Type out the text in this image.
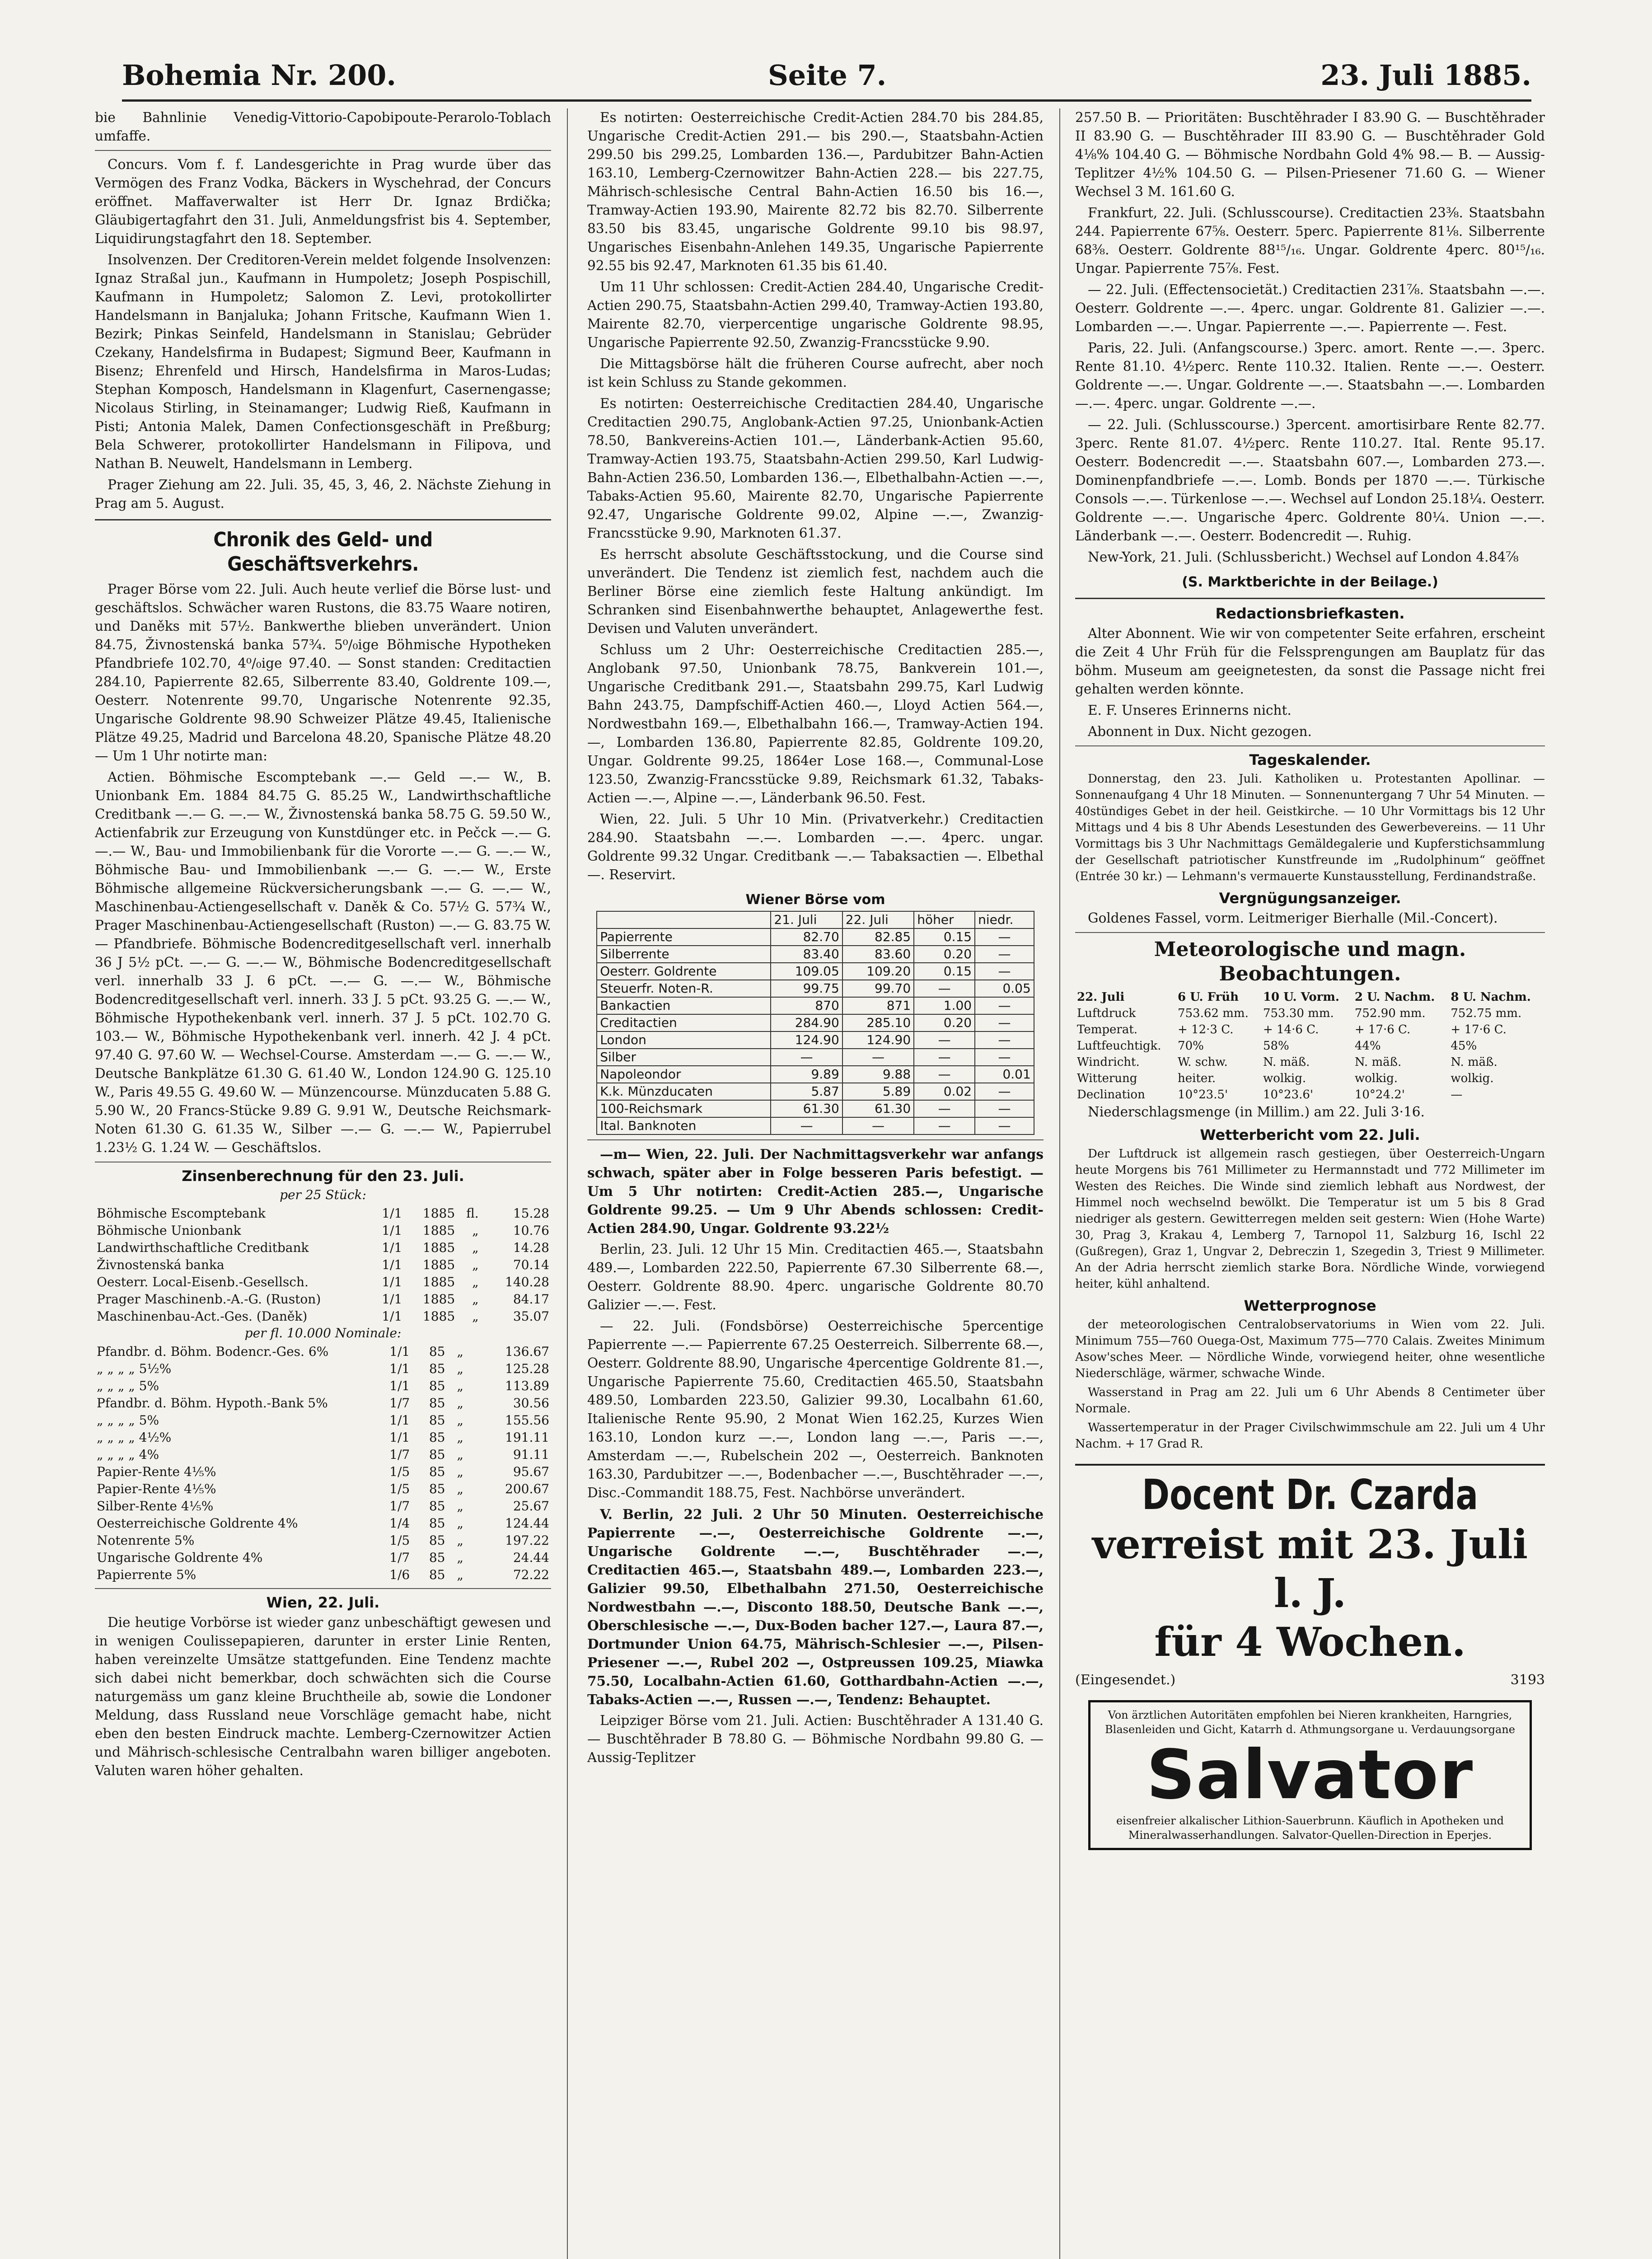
Bohemia Nr. 200.	Seite 7.	23. Juli 1885.

bie Bahnlinie Venedig-Vittorio-Capobipoute-Perarolo-Toblach umfaffe.

Concurs. Vom f. f. Landesgerichte in Prag wurde über das Vermögen des Franz Vodka, Bäckers in Wyschehrad, der Concurs eröffnet. Maffaverwalter ist Herr Dr. Ignaz Brdička; Gläubigertagfahrt den 31. Juli, Anmeldungsfrist bis 4. September, Liquidirungstagfahrt den 18. September.

Insolvenzen. Der Creditoren-Verein meldet folgende Insolvenzen: Ignaz Straßal jun., Kaufmann in Humpoletz; Joseph Pospischill, Kaufmann in Humpoletz; Salomon Z. Levi, protokollirter Handelsmann in Banjaluka; Johann Fritsche, Kaufmann Wien 1. Bezirk; Pinkas Seinfeld, Handelsmann in Stanislau; Gebrüder Czekany, Handelsfirma in Budapest; Sigmund Beer, Kaufmann in Bisenz; Ehrenfeld und Hirsch, Handelsfirma in Maros-Ludas; Stephan Komposch, Handelsmann in Klagenfurt, Casernengasse; Nicolaus Stirling, in Steinamanger; Ludwig Rieß, Kaufmann in Pisti; Antonia Malek, Damen Confectionsgeschäft in Preßburg; Bela Schwerer, protokollirter Handelsmann in Filipova, und Nathan B. Neuwelt, Handelsmann in Lemberg.

Prager Ziehung am 22. Juli. 35, 45, 3, 46, 2. Nächste Ziehung in Prag am 5. August.

Chronik des Geld- und Geschäftsverkehrs.

Prager Börse vom 22. Juli. Auch heute verlief die Börse lust- und geschäftslos. Schwächer waren Rustons, die 83.75 Waare notiren, und Daněks mit 57½. Bankwerthe blieben unverändert. Union 84.75, Živnostenská banka 57¾. 5⁰/₀ige Böhmische Hypotheken Pfandbriefe 102.70, 4⁰/₀ige 97.40. — Sonst standen: Creditactien 284.10, Papierrente 82.65, Silberrente 83.40, Goldrente 109.—, Oesterr. Notenrente 99.70, Ungarische Notenrente 92.35, Ungarische Goldrente 98.90 Schweizer Plätze 49.45, Italienische Plätze 49.25, Madrid und Barcelona 48.20, Spanische Plätze 48.20 — Um 1 Uhr notirte man:

Actien. Böhmische Escomptebank —.— Geld —.— W., B. Unionbank Em. 1884 84.75 G. 85.25 W., Landwirthschaftliche Creditbank —.— G. —.— W., Živnostenská banka 58.75 G. 59.50 W., Actienfabrik zur Erzeugung von Kunstdünger etc. in Pečck —.— G. —.— W., Bau- und Immobilienbank für die Vororte —.— G. —.— W., Böhmische Bau- und Immobilienbank —.— G. —.— W., Erste Böhmische allgemeine Rückversicherungsbank —.— G. —.— W., Maschinenbau-Actiengesellschaft v. Daněk & Co. 57½ G. 57¾ W., Prager Maschinenbau-Actiengesellschaft (Ruston) —.— G. 83.75 W. — Pfandbriefe. Böhmische Bodencreditgesellschaft verl. innerhalb 36 J 5½ pCt. —.— G. —.— W., Böhmische Bodencreditgesellschaft verl. innerhalb 33 J. 6 pCt. —.— G. —.— W., Böhmische Bodencreditgesellschaft verl. innerh. 33 J. 5 pCt. 93.25 G. —.— W., Böhmische Hypothekenbank verl. innerh. 37 J. 5 pCt. 102.70 G. 103.— W., Böhmische Hypothekenbank verl. innerh. 42 J. 4 pCt. 97.40 G. 97.60 W. — Wechsel-Course. Amsterdam —.— G. —.— W., Deutsche Bankplätze 61.30 G. 61.40 W., London 124.90 G. 125.10 W., Paris 49.55 G. 49.60 W. — Münzencourse. Münzducaten 5.88 G. 5.90 W., 20 Francs-Stücke 9.89 G. 9.91 W., Deutsche Reichsmark-Noten 61.30 G. 61.35 W., Silber —.— G. —.— W., Papierrubel 1.23½ G. 1.24 W. — Geschäftslos.

Zinsenberechnung für den 23. Juli.
per 25 Stück:
Böhmische Escomptebank	1/1	1885	fl.	15.28
Böhmische Unionbank	1/1	1885	„	10.76
Landwirthschaftliche Creditbank	1/1	1885	„	14.28
Živnostenská banka	1/1	1885	„	70.14
Oesterr. Local-Eisenb.-Gesellsch.	1/1	1885	„	140.28
Prager Maschinenb.-A.-G. (Ruston)	1/1	1885	„	84.17
Maschinenbau-Act.-Ges. (Daněk)	1/1	1885	„	35.07
per fl. 10.000 Nominale:
Pfandbr. d. Böhm. Bodencr.-Ges. 6%	1/1	85	„	136.67
„ „ „ „ 5½%	1/1	85	„	125.28
„ „ „ „ 5%	1/1	85	„	113.89
Pfandbr. d. Böhm. Hypoth.-Bank 5%	1/7	85	„	30.56
„ „ „ „ 5%	1/1	85	„	155.56
„ „ „ „ 4½%	1/1	85	„	191.11
„ „ „ „ 4%	1/7	85	„	91.11
Papier-Rente 4⅕%	1/5	85	„	95.67
Papier-Rente 4⅕%	1/5	85	„	200.67
Silber-Rente 4⅕%	1/7	85	„	25.67
Oesterreichische Goldrente 4%	1/4	85	„	124.44
Notenrente 5%	1/5	85	„	197.22
Ungarische Goldrente 4%	1/7	85	„	24.44
Papierrente 5%	1/6	85	„	72.22
Wien, 22. Juli.

Die heutige Vorbörse ist wieder ganz unbeschäftigt gewesen und in wenigen Coulissepapieren, darunter in erster Linie Renten, haben vereinzelte Umsätze stattgefunden. Eine Tendenz machte sich dabei nicht bemerkbar, doch schwächten sich die Course naturgemäss um ganz kleine Bruchtheile ab, sowie die Londoner Meldung, dass Russland neue Vorschläge gemacht habe, nicht eben den besten Eindruck machte. Lemberg-Czernowitzer Actien und Mährisch-schlesische Centralbahn waren billiger angeboten. Valuten waren höher gehalten.

Es notirten: Oesterreichische Credit-Actien 284.70 bis 284.85, Ungarische Credit-Actien 291.— bis 290.—, Staatsbahn-Actien 299.50 bis 299.25, Lombarden 136.—, Pardubitzer Bahn-Actien 163.10, Lemberg-Czernowitzer Bahn-Actien 228.— bis 227.75, Mährisch-schlesische Central Bahn-Actien 16.50 bis 16.—, Tramway-Actien 193.90, Mairente 82.72 bis 82.70. Silberrente 83.50 bis 83.45, ungarische Goldrente 99.10 bis 98.97, Ungarisches Eisenbahn-Anlehen 149.35, Ungarische Papierrente 92.55 bis 92.47, Marknoten 61.35 bis 61.40.

Um 11 Uhr schlossen: Credit-Actien 284.40, Ungarische Credit-Actien 290.75, Staatsbahn-Actien 299.40, Tramway-Actien 193.80, Mairente 82.70, vierpercentige ungarische Goldrente 98.95, Ungarische Papierrente 92.50, Zwanzig-Francsstücke 9.90.

Die Mittagsbörse hält die früheren Course aufrecht, aber noch ist kein Schluss zu Stande gekommen.

Es notirten: Oesterreichische Creditactien 284.40, Ungarische Creditactien 290.75, Anglobank-Actien 97.25, Unionbank-Actien 78.50, Bankvereins-Actien 101.—, Länderbank-Actien 95.60, Tramway-Actien 193.75, Staatsbahn-Actien 299.50, Karl Ludwig-Bahn-Actien 236.50, Lombarden 136.—, Elbethalbahn-Actien —.—, Tabaks-Actien 95.60, Mairente 82.70, Ungarische Papierrente 92.47, Ungarische Goldrente 99.02, Alpine —.—, Zwanzig-Francsstücke 9.90, Marknoten 61.37.

Es herrscht absolute Geschäftsstockung, und die Course sind unverändert. Die Tendenz ist ziemlich fest, nachdem auch die Berliner Börse eine ziemlich feste Haltung ankündigt. Im Schranken sind Eisenbahnwerthe behauptet, Anlagewerthe fest. Devisen und Valuten unverändert.

Schluss um 2 Uhr: Oesterreichische Creditactien 285.—, Anglobank 97.50, Unionbank 78.75, Bankverein 101.—, Ungarische Creditbank 291.—, Staatsbahn 299.75, Karl Ludwig Bahn 243.75, Dampfschiff-Actien 460.—, Lloyd Actien 564.—, Nordwestbahn 169.—, Elbethalbahn 166.—, Tramway-Actien 194.—, Lombarden 136.80, Papierrente 82.85, Goldrente 109.20, Ungar. Goldrente 99.25, 1864er Lose 168.—, Communal-Lose 123.50, Zwanzig-Francsstücke 9.89, Reichsmark 61.32, Tabaks-Actien —.—, Alpine —.—, Länderbank 96.50. Fest.

Wien, 22. Juli. 5 Uhr 10 Min. (Privatverkehr.) Creditactien 284.90. Staatsbahn —.—. Lombarden —.—. 4perc. ungar. Goldrente 99.32 Ungar. Creditbank —.— Tabaksactien —. Elbethal —. Reservirt.

Wiener Börse vom
	21. Juli	22. Juli	höher	niedr.
Papierrente	82.70	82.85	0.15	—
Silberrente	83.40	83.60	0.20	—
Oesterr. Goldrente	109.05	109.20	0.15	—
Steuerfr. Noten-R.	99.75	99.70	—	0.05
Bankactien	870	871	1.00	—
Creditactien	284.90	285.10	0.20	—
London	124.90	124.90	—	—
Silber	—	—	—	—
Napoleondor	9.89	9.88	—	0.01
K.k. Münzducaten	5.87	5.89	0.02	—
100-Reichsmark	61.30	61.30	—	—
Ital. Banknoten	—	—	—	—

—m— Wien, 22. Juli. Der Nachmittagsverkehr war anfangs schwach, später aber in Folge besseren Paris befestigt. — Um 5 Uhr notirten: Credit-Actien 285.—, Ungarische Goldrente 99.25. — Um 9 Uhr Abends schlossen: Credit-Actien 284.90, Ungar. Goldrente 93.22½

Berlin, 23. Juli. 12 Uhr 15 Min. Creditactien 465.—, Staatsbahn 489.—, Lombarden 222.50, Papierrente 67.30 Silberrente 68.—, Oesterr. Goldrente 88.90. 4perc. ungarische Goldrente 80.70 Galizier —.—. Fest.

— 22. Juli. (Fondsbörse) Oesterreichische 5percentige Papierrente —.— Papierrente 67.25 Oesterreich. Silberrente 68.—, Oesterr. Goldrente 88.90, Ungarische 4percentige Goldrente 81.—, Ungarische Papierrente 75.60, Creditactien 465.50, Staatsbahn 489.50, Lombarden 223.50, Galizier 99.30, Localbahn 61.60, Italienische Rente 95.90, 2 Monat Wien 162.25, Kurzes Wien 163.10, London kurz —.—, London lang —.—, Paris —.—, Amsterdam —.—, Rubelschein 202 —, Oesterreich. Banknoten 163.30, Pardubitzer —.—, Bodenbacher —.—, Buschtěhrader —.—, Disc.-Commandit 188.75, Fest. Nachbörse unverändert.

V. Berlin, 22 Juli. 2 Uhr 50 Minuten. Oesterreichische Papierrente —.—, Oesterreichische Goldrente —.—, Ungarische Goldrente —.—, Buschtěhrader —.—, Creditactien 465.—, Staatsbahn 489.—, Lombarden 223.—, Galizier 99.50, Elbethalbahn 271.50, Oesterreichische Nordwestbahn —.—, Disconto 188.50, Deutsche Bank —.—, Oberschlesische —.—, Dux-Boden bacher 127.—, Laura 87.—, Dortmunder Union 64.75, Mährisch-Schlesier —.—, Pilsen-Priesener —.—, Rubel 202 —, Ostpreussen 109.25, Miawka 75.50, Localbahn-Actien 61.60, Gotthardbahn-Actien —.—, Tabaks-Actien —.—, Russen —.—, Tendenz: Behauptet.

Leipziger Börse vom 21. Juli. Actien: Buschtěhrader A 131.40 G. — Buschtěhrader B 78.80 G. — Böhmische Nordbahn 99.80 G. — Aussig-Teplitzer

257.50 B. — Prioritäten: Buschtěhrader I 83.90 G. — Buschtěhrader II 83.90 G. — Buschtěhrader III 83.90 G. — Buschtěhrader Gold 4⅛% 104.40 G. — Böhmische Nordbahn Gold 4% 98.— B. — Aussig-Teplitzer 4½% 104.50 G. — Pilsen-Priesener 71.60 G. — Wiener Wechsel 3 M. 161.60 G.

Frankfurt, 22. Juli. (Schlusscourse). Creditactien 23⅜. Staatsbahn 244. Papierrente 67⅝. Oesterr. 5perc. Papierrente 81⅛. Silberrente 68⅜. Oesterr. Goldrente 88¹⁵/₁₆. Ungar. Goldrente 4perc. 80¹⁵/₁₆. Ungar. Papierrente 75⅞. Fest.

— 22. Juli. (Effectensocietät.) Creditactien 231⅞. Staatsbahn —.—. Oesterr. Goldrente —.—. 4perc. ungar. Goldrente 81. Galizier —.—. Lombarden —.—. Ungar. Papierrente —.—. Papierrente —. Fest.

Paris, 22. Juli. (Anfangscourse.) 3perc. amort. Rente —.—. 3perc. Rente 81.10. 4½perc. Rente 110.32. Italien. Rente —.—. Oesterr. Goldrente —.—. Ungar. Goldrente —.—. Staatsbahn —.—. Lombarden —.—. 4perc. ungar. Goldrente —.—.

— 22. Juli. (Schlusscourse.) 3percent. amortisirbare Rente 82.77. 3perc. Rente 81.07. 4½perc. Rente 110.27. Ital. Rente 95.17. Oesterr. Bodencredit —.—. Staatsbahn 607.—, Lombarden 273.—. Dominenpfandbriefe —.—. Lomb. Bonds per 1870 —.—. Türkische Consols —.—. Türkenlose —.—. Wechsel auf London 25.18¼. Oesterr. Goldrente —.—. Ungarische 4perc. Goldrente 80¼. Union —.—. Länderbank —.—. Oesterr. Bodencredit —. Ruhig.

New-York, 21. Juli. (Schlussbericht.) Wechsel auf London 4.84⅞

(S. Marktberichte in der Beilage.)
Redactionsbriefkasten.

Alter Abonnent. Wie wir von competenter Seite erfahren, erscheint die Zeit 4 Uhr Früh für die Felssprengungen am Bauplatz für das böhm. Museum am geeignetesten, da sonst die Passage nicht frei gehalten werden könnte.

E. F. Unseres Erinnerns nicht.

Abonnent in Dux. Nicht gezogen.

Tageskalender.

Donnerstag, den 23. Juli. Katholiken u. Protestanten Apollinar. — Sonnenaufgang 4 Uhr 18 Minuten. — Sonnenuntergang 7 Uhr 54 Minuten. — 40stündiges Gebet in der heil. Geistkirche. — 10 Uhr Vormittags bis 12 Uhr Mittags und 4 bis 8 Uhr Abends Lesestunden des Gewerbevereins. — 11 Uhr Vormittags bis 3 Uhr Nachmittags Gemäldegalerie und Kupferstichsammlung der Gesellschaft patriotischer Kunstfreunde im „Rudolphinum“ geöffnet (Entrée 30 kr.) — Lehmann's vermauerte Kunstausstellung, Ferdinandstraße.

Vergnügungsanzeiger.

Goldenes Fassel, vorm. Leitmeriger Bierhalle (Mil.-Concert).

Meteorologische und magn. Beobachtungen.
22. Juli	6 U. Früh	10 U. Vorm.	2 U. Nachm.	8 U. Nachm.
Luftdruck	753.62 mm.	753.30 mm.	752.90 mm.	752.75 mm.
Temperat.	+ 12·3 C.	+ 14·6 C.	+ 17·6 C.	+ 17·6 C.
Luftfeuchtigk.	70%	58%	44%	45%
Windricht.	W. schw.	N. mäß.	N. mäß.	N. mäß.
Witterung	heiter.	wolkig.	wolkig.	wolkig.
Declination	10°23.5'	10°23.6'	10°24.2'	—

Niederschlagsmenge (in Millim.) am 22. Juli 3·16.

Wetterbericht vom 22. Juli.

Der Luftdruck ist allgemein rasch gestiegen, über Oesterreich-Ungarn heute Morgens bis 761 Millimeter zu Hermannstadt und 772 Millimeter im Westen des Reiches. Die Winde sind ziemlich lebhaft aus Nordwest, der Himmel noch wechselnd bewölkt. Die Temperatur ist um 5 bis 8 Grad niedriger als gestern. Gewitterregen melden seit gestern: Wien (Hohe Warte) 30, Prag 3, Krakau 4, Lemberg 7, Tarnopol 11, Salzburg 16, Ischl 22 (Gußregen), Graz 1, Ungvar 2, Debreczin 1, Szegedin 3, Triest 9 Millimeter. An der Adria herrscht ziemlich starke Bora. Nördliche Winde, vorwiegend heiter, kühl anhaltend.

Wetterprognose

der meteorologischen Centralobservatoriums in Wien vom 22. Juli. Minimum 755—760 Ouega-Ost, Maximum 775—770 Calais. Zweites Minimum Asow'sches Meer. — Nördliche Winde, vorwiegend heiter, ohne wesentliche Niederschläge, wärmer, schwache Winde.

Wasserstand in Prag am 22. Juli um 6 Uhr Abends 8 Centimeter über Normale.

Wassertemperatur in der Prager Civilschwimmschule am 22. Juli um 4 Uhr Nachm. + 17 Grad R.

Docent Dr. Czarda
verreist mit 23. Juli l. J.
für 4 Wochen.
(Eingesendet.)	3193
Von ärztlichen Autoritäten empfohlen bei Nieren krankheiten, Harngries, Blasenleiden und Gicht, Katarrh d. Athmungsorgane u. Verdauungsorgane
Salvator
eisenfreier alkalischer Lithion-Sauerbrunn. Käuflich in Apotheken und Mineralwasserhandlungen. Salvator-Quellen-Direction in Eperjes.
